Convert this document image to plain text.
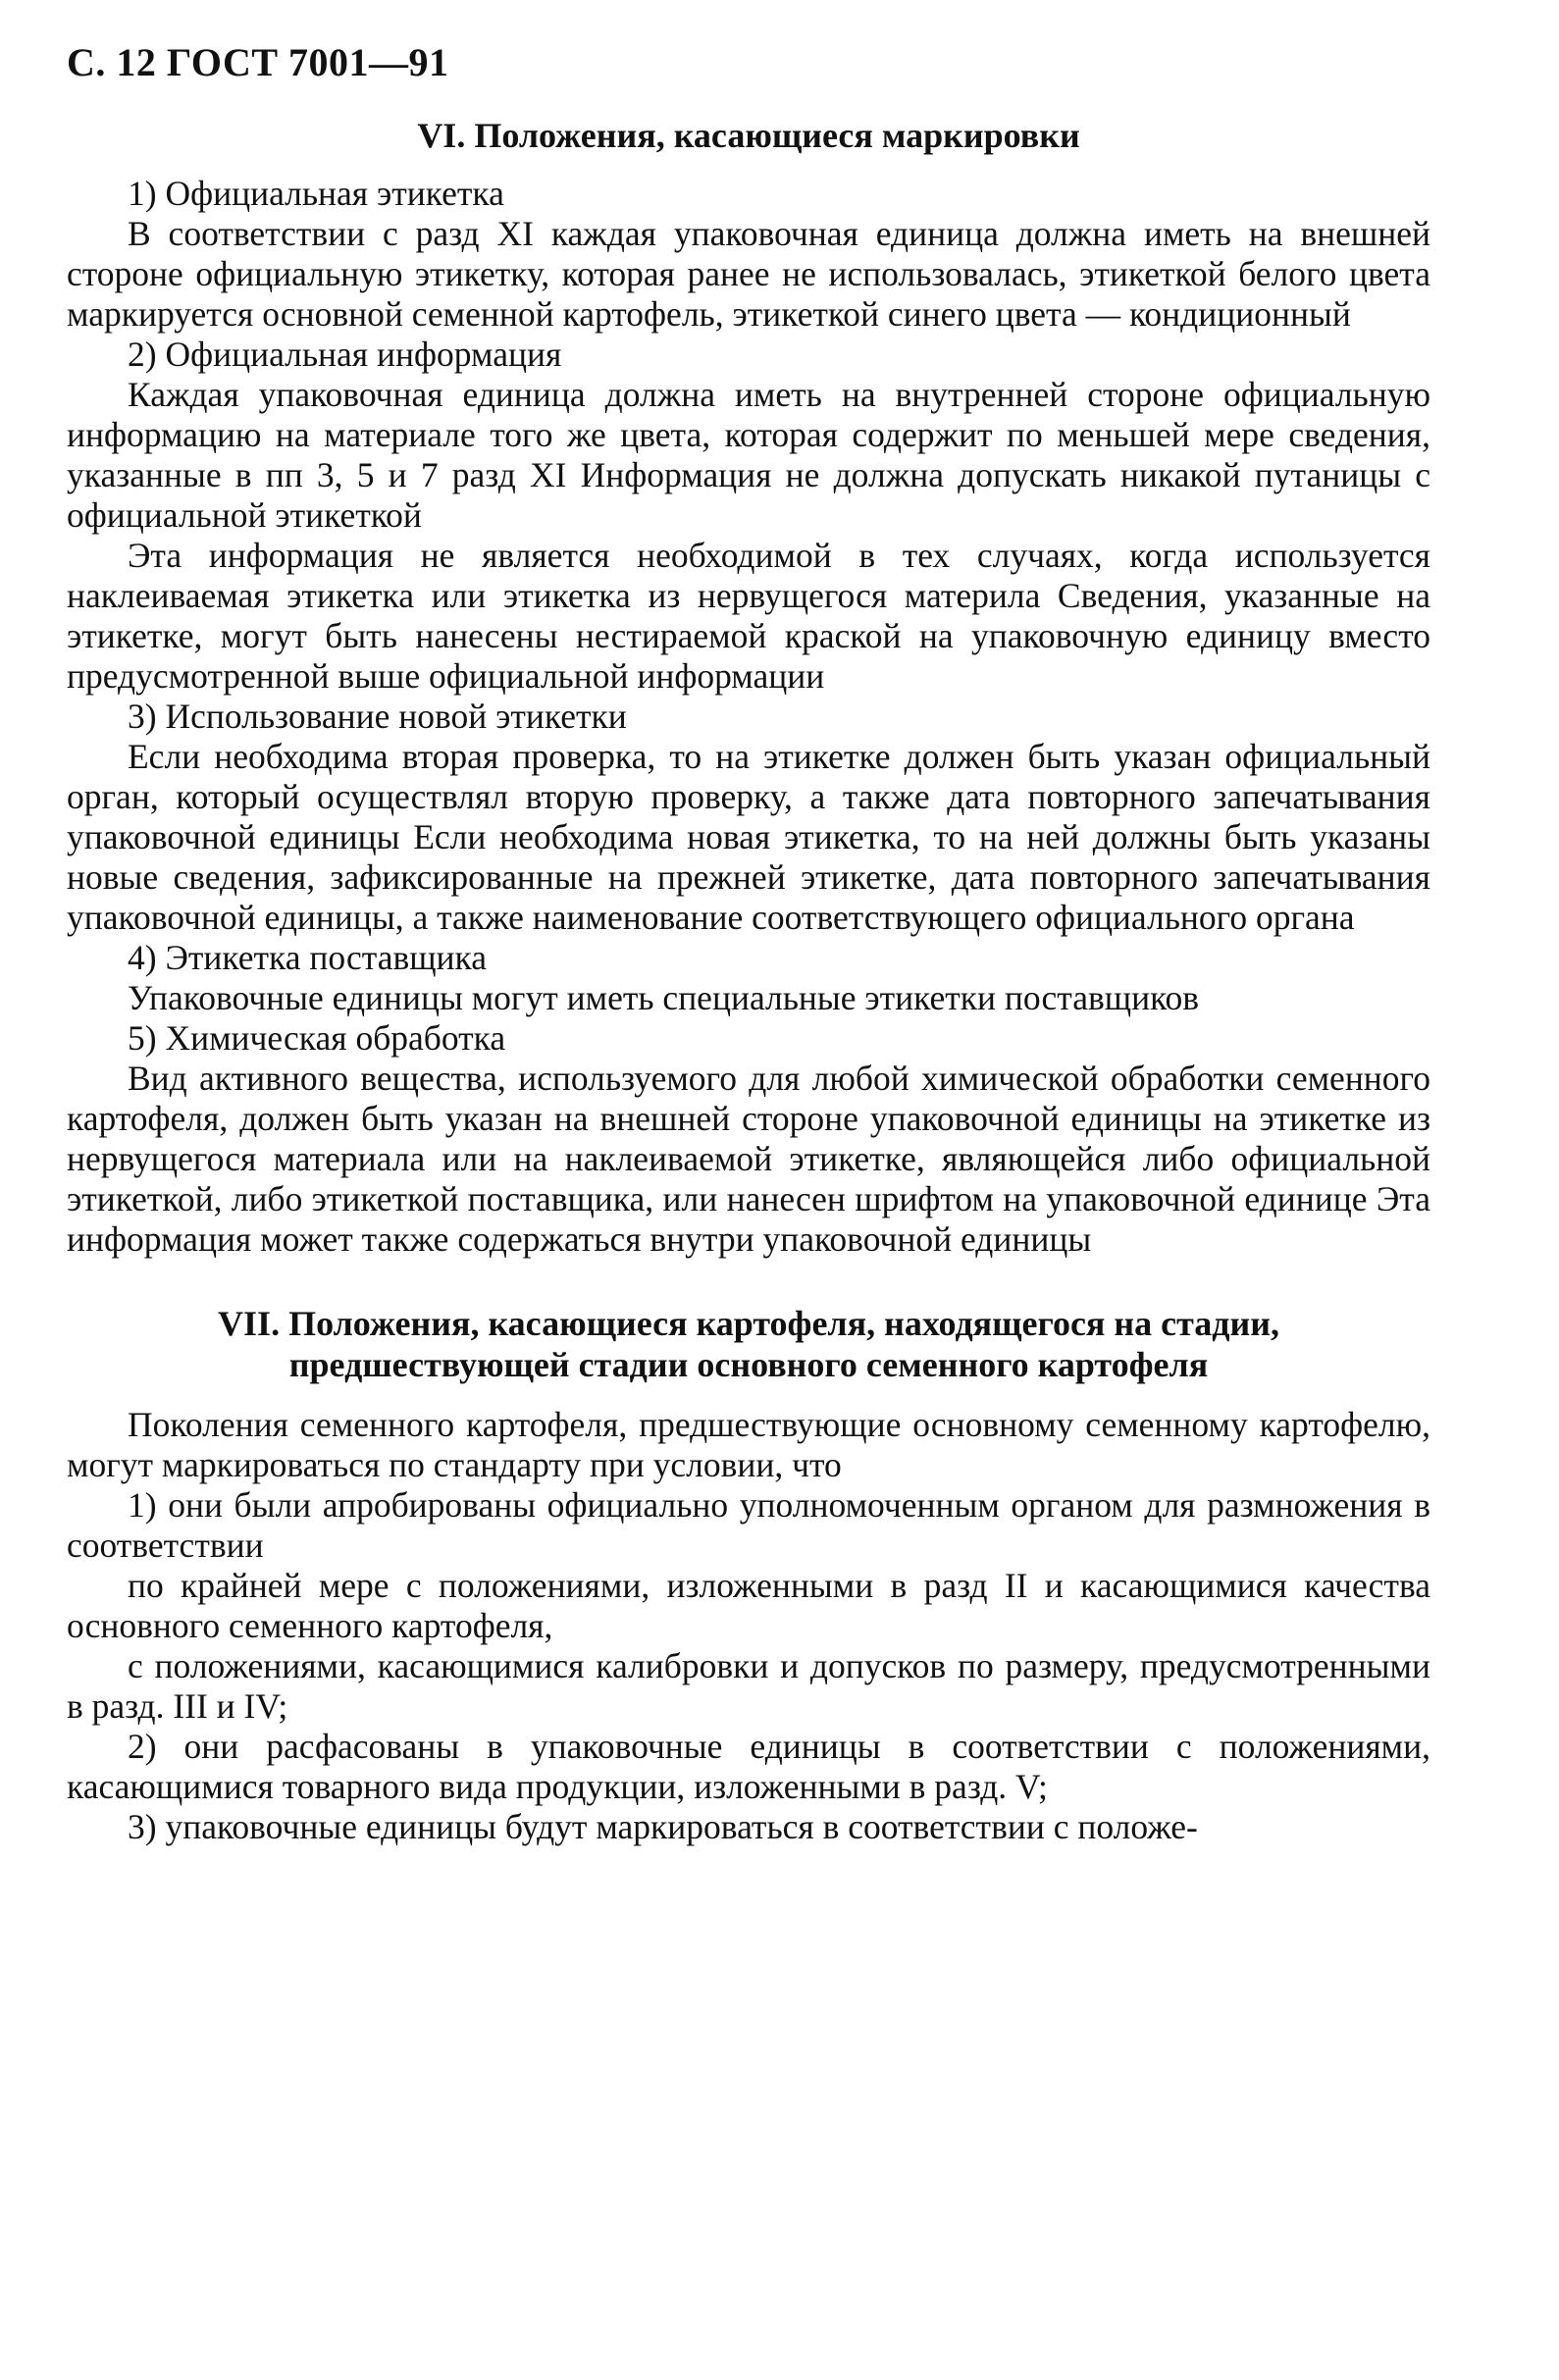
С. 12 ГОСТ 7001—91
VI. Положения, касающиеся маркировки

1) Официальная этикетка

В соответствии с разд XI каждая упаковочная единица должна иметь на внешней стороне официальную этикетку, которая ранее не использовалась, этикеткой белого цвета маркируется основной семенной картофель, этикеткой синего цвета — кондиционный

2) Официальная информация

Каждая упаковочная единица должна иметь на внутренней стороне официальную информацию на материале того же цвета, которая содержит по меньшей мере сведения, указанные в пп 3, 5 и 7 разд XI Информация не должна допускать никакой путаницы с официальной этикеткой

Эта информация не является необходимой в тех случаях, когда используется наклеиваемая этикетка или этикетка из нервущегося материла Сведения, указанные на этикетке, могут быть нанесены нестираемой краской на упаковочную единицу вместо предусмотренной выше официальной информации

3) Использование новой этикетки

Если необходима вторая проверка, то на этикетке должен быть указан официальный орган, который осуществлял вторую проверку, а также дата повторного запечатывания упаковочной единицы Если необходима новая этикетка, то на ней должны быть указаны новые сведения, зафиксированные на прежней этикетке, дата повторного запечатывания упаковочной единицы, а также наименование соответствующего официального органа

4) Этикетка поставщика

Упаковочные единицы могут иметь специальные этикетки поставщиков

5) Химическая обработка

Вид активного вещества, используемого для любой химической обработки семенного картофеля, должен быть указан на внешней стороне упаковочной единицы на этикетке из нервущегося материала или на наклеиваемой этикетке, являющейся либо официальной этикеткой, либо этикеткой поставщика, или нанесен шрифтом на упаковочной единице Эта информация может также содержаться внутри упаковочной единицы

VII. Положения, касающиеся картофеля, находящегося на стадии,
предшествующей стадии основного семенного картофеля

Поколения семенного картофеля, предшествующие основному семенному картофелю, могут маркироваться по стандарту при условии, что

1) они были апробированы официально уполномоченным органом для размножения в соответствии

по крайней мере с положениями, изложенными в разд II и касающимися качества основного семенного картофеля,

с положениями, касающимися калибровки и допусков по размеру, предусмотренными в разд. III и IV;

2) они расфасованы в упаковочные единицы в соответствии с положениями, касающимися товарного вида продукции, изложенными в разд. V;

3) упаковочные единицы будут маркироваться в соответствии с положе-
